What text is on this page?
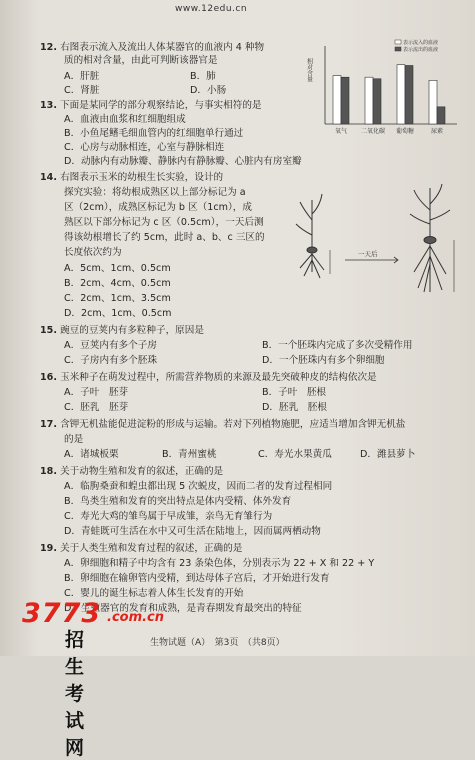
www.12edu.cn
12. 右图表示流入及流出人体某器官的血液内 4 种物
质的相对含量，由此可判断该器官是
A．肝脏	B．肺
C．肾脏	D．小肠
相对含量
表示流入的血液
表示流出的血液
氧气 二氧化碳 葡萄糖	尿素
13. 下面是某同学的部分观察结论，与事实相符的是
A．血液由血浆和红细胞组成
B．小鱼尾鳍毛细血管内的红细胞单行通过
C．心房与动脉相连，心室与静脉相连
D．动脉内有动脉瓣、静脉内有静脉瓣、心脏内有房室瓣
14. 右图表示玉米的幼根生长实验，设计的
探究实验：将幼根成熟区以上部分标记为 a
区（2cm），成熟区标记为 b 区（1cm），成
熟区以下部分标记为 c 区（0.5cm），一天后测
得该幼根增长了约 5cm，此时 a、b、c 三区的
长度依次约为
A．5cm、1cm、0.5cm
B．2cm、4cm、0.5cm
C．2cm、1cm、3.5cm
D．2cm、1cm、0.5cm
一天后
15. 豌豆的豆荚内有多粒种子，原因是
A．豆荚内有多个子房	B．一个胚珠内完成了多次受精作用
C．子房内有多个胚珠	D．一个胚珠内有多个卵细胞
16. 玉米种子在萌发过程中，所需营养物质的来源及最先突破种皮的结构依次是
A．子叶　胚芽	B．子叶　胚根
C．胚乳　胚芽	D．胚乳　胚根
17. 含钾无机盐能促进淀粉的形成与运输。若对下列植物施肥，应适当增加含钾无机盐
的是
A．诸城板栗	B．青州蜜桃	C．寿光水果黄瓜	D．潍县萝卜
18. 关于动物生殖和发育的叙述，正确的是
A．临朐桑蚕和蝗虫都出现 5 次蜕皮，因而二者的发育过程相同
B．鸟类生殖和发育的突出特点是体内受精、体外发育
C．寿光大鸡的雏鸟属于早成雏，亲鸟无育雏行为
D．青蛙既可生活在水中又可生活在陆地上，因而属两栖动物
19. 关于人类生殖和发育过程的叙述，正确的是
A．卵细胞和精子中均含有 23 条染色体，分别表示为 22 + X 和 22 + Y
B．卵细胞在输卵管内受精，到达母体子宫后，才开始进行发育
C．婴儿的诞生标志着人体生长发育的开始
D．生殖器官的发育和成熟，是青春期发育最突出的特征
3773 .com.cn
招生考试网
生物试题（A）　第3页　（共8页）
